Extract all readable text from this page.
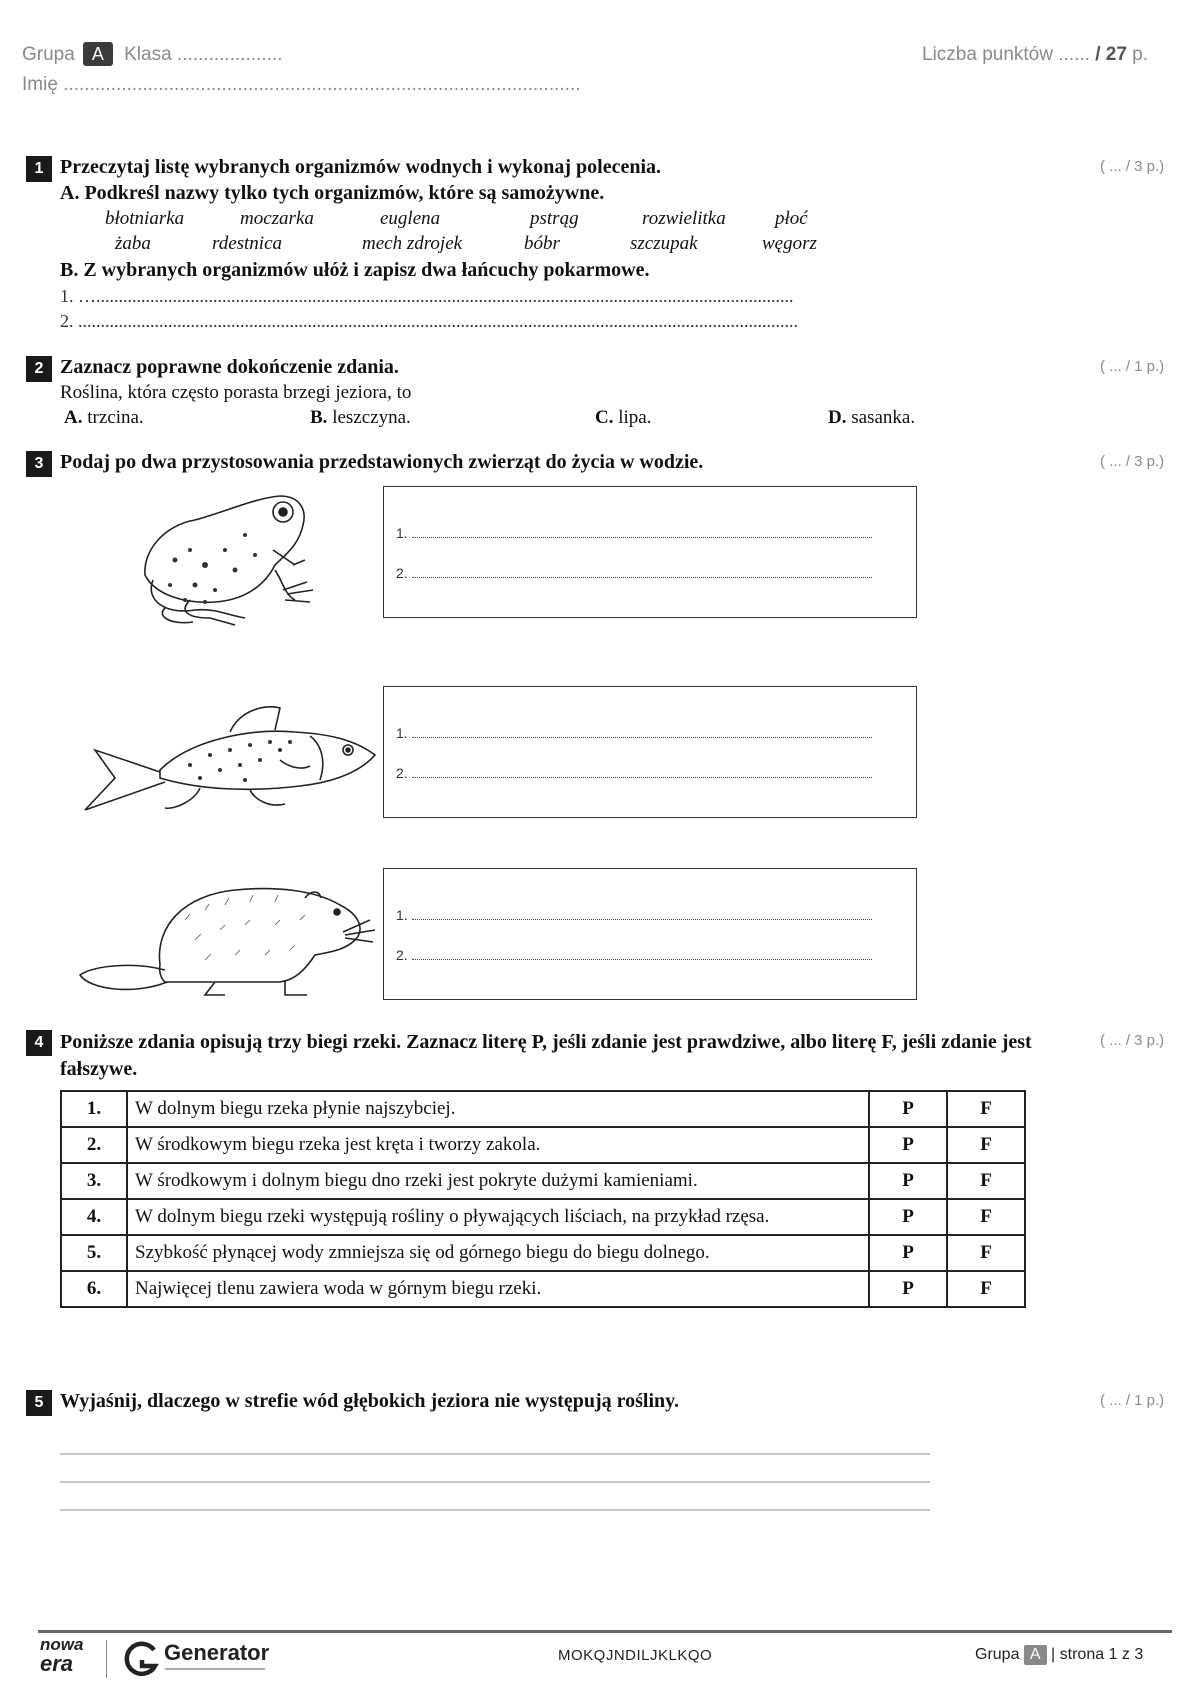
Grupa A Klasa ....................	Liczba punktów ...... / 27 p.
Imię ..................................................................................................
1 Przeczytaj listę wybranych organizmów wodnych i wykonaj polecenia.	( ... / 3 p.)
A. Podkreśl nazwy tylko tych organizmów, które są samożywne.
błotniarka	moczarka	euglena	pstrąg	rozwielitka	płoć
żaba	rdestnica	mech zdrojek	bóbr	szczupak	węgorz
B. Z wybranych organizmów ułóż i zapisz dwa łańcuchy pokarmowe.
1. …...........................................................................................................................................................
2. ................................................................................................................................................................
2 Zaznacz poprawne dokończenie zdania.	( ... / 1 p.)
Roślina, która często porasta brzegi jeziora, to
A. trzcina.	B. leszczyna.	C. lipa.	D. sasanka.
3 Podaj po dwa przystosowania przedstawionych zwierząt do życia w wodzie.	( ... / 3 p.)
1.
2.
1.
2.
1.
2.
4 Poniższe zdania opisują trzy biegi rzeki. Zaznacz literę P, jeśli zdanie jest prawdziwe, albo literę F, jeśli zdanie jest fałszywe.
( ... / 3 p.)
1.	W dolnym biegu rzeka płynie najszybciej.	P	F
2.	W środkowym biegu rzeka jest kręta i tworzy zakola.	P	F
3.	W środkowym i dolnym biegu dno rzeki jest pokryte dużymi kamieniami.	P	F
4.	W dolnym biegu rzeki występują rośliny o pływających liściach, na przykład rzęsa.	P	F
5.	Szybkość płynącej wody zmniejsza się od górnego biegu do biegu dolnego.	P	F
6.	Najwięcej tlenu zawiera woda w górnym biegu rzeki.	P	F
5 Wyjaśnij, dlaczego w strefie wód głębokich jeziora nie występują rośliny.	( ... / 1 p.)
nowa
era	Generator	MOKQJNDILJKLKQO	Grupa A | strona 1 z 3
